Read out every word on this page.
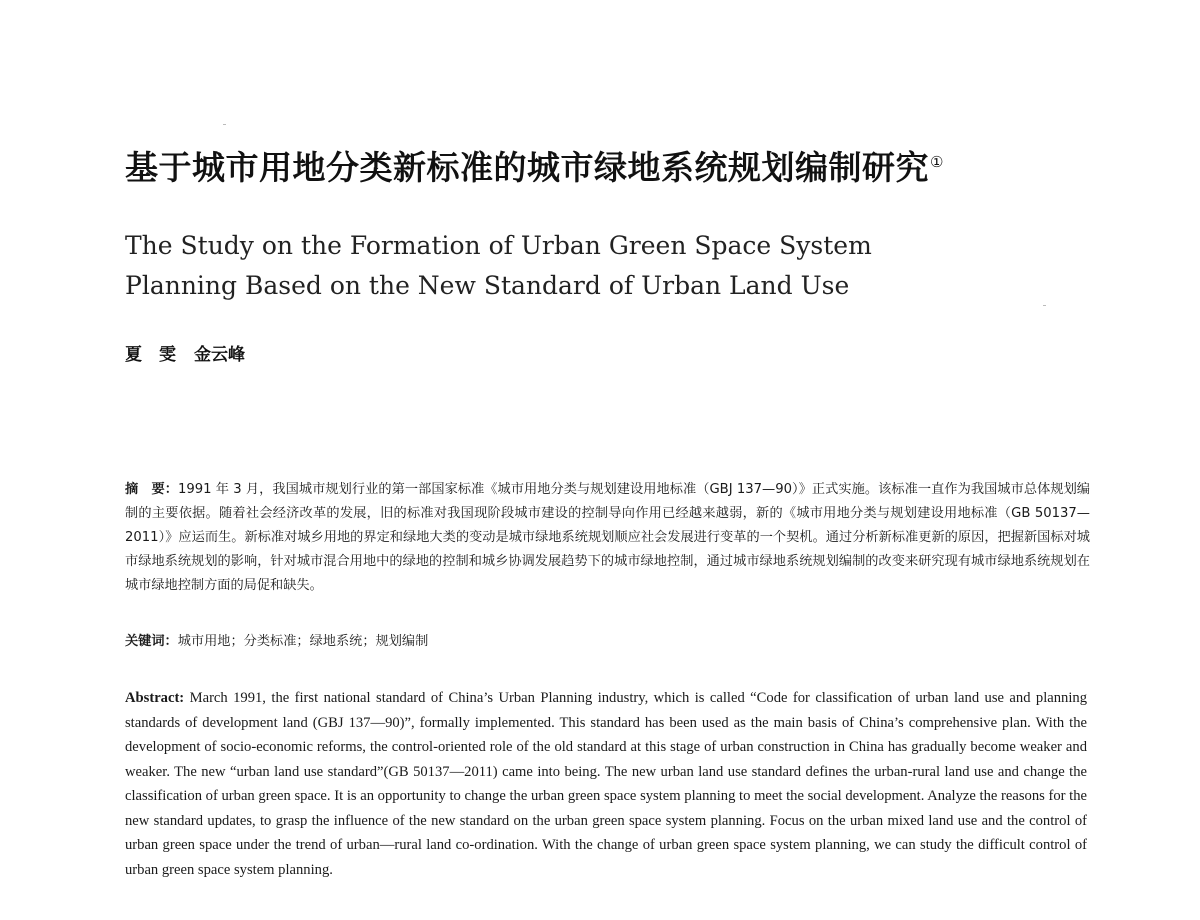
基于城市用地分类新标准的城市绿地系统规划编制研究①
The Study on the Formation of Urban Green Space System
Planning Based on the New Standard of Urban Land Use
夏　雯 金云峰

摘　要：1991 年 3 月，我国城市规划行业的第一部国家标准《城市用地分类与规划建设用地标准（GBJ 137—90）》正式实施。该标准一直作为我国城市总体规划编制的主要依据。随着社会经济改革的发展，旧的标准对我国现阶段城市建设的控制导向作用已经越来越弱，新的《城市用地分类与规划建设用地标准（GB 50137—2011）》应运而生。新标准对城乡用地的界定和绿地大类的变动是城市绿地系统规划顺应社会发展进行变革的一个契机。通过分析新标准更新的原因，把握新国标对城市绿地系统规划的影响，针对城市混合用地中的绿地的控制和城乡协调发展趋势下的城市绿地控制，通过城市绿地系统规划编制的改变来研究现有城市绿地系统规划在城市绿地控制方面的局促和缺失。

关键词：城市用地；分类标准；绿地系统；规划编制

Abstract: March 1991, the first national standard of China’s Urban Planning industry, which is called “Code for classification of urban land use and planning standards of development land (GBJ 137—90)”, formally implemented. This standard has been used as the main basis of China’s comprehensive plan. With the development of socio-economic reforms, the control-oriented role of the old standard at this stage of urban construction in China has gradually become weaker and weaker. The new “urban land use standard”(GB 50137—2011) came into being. The new urban land use standard defines the urban-rural land use and change the classification of urban green space. It is an opportunity to change the urban green space system planning to meet the social development. Analyze the reasons for the new standard updates, to grasp the influence of the new standard on the urban green space system planning. Focus on the urban mixed land use and the control of urban green space under the trend of urban—rural land co-ordination. With the change of urban green space system planning, we can study the difficult control of urban green space system planning.
